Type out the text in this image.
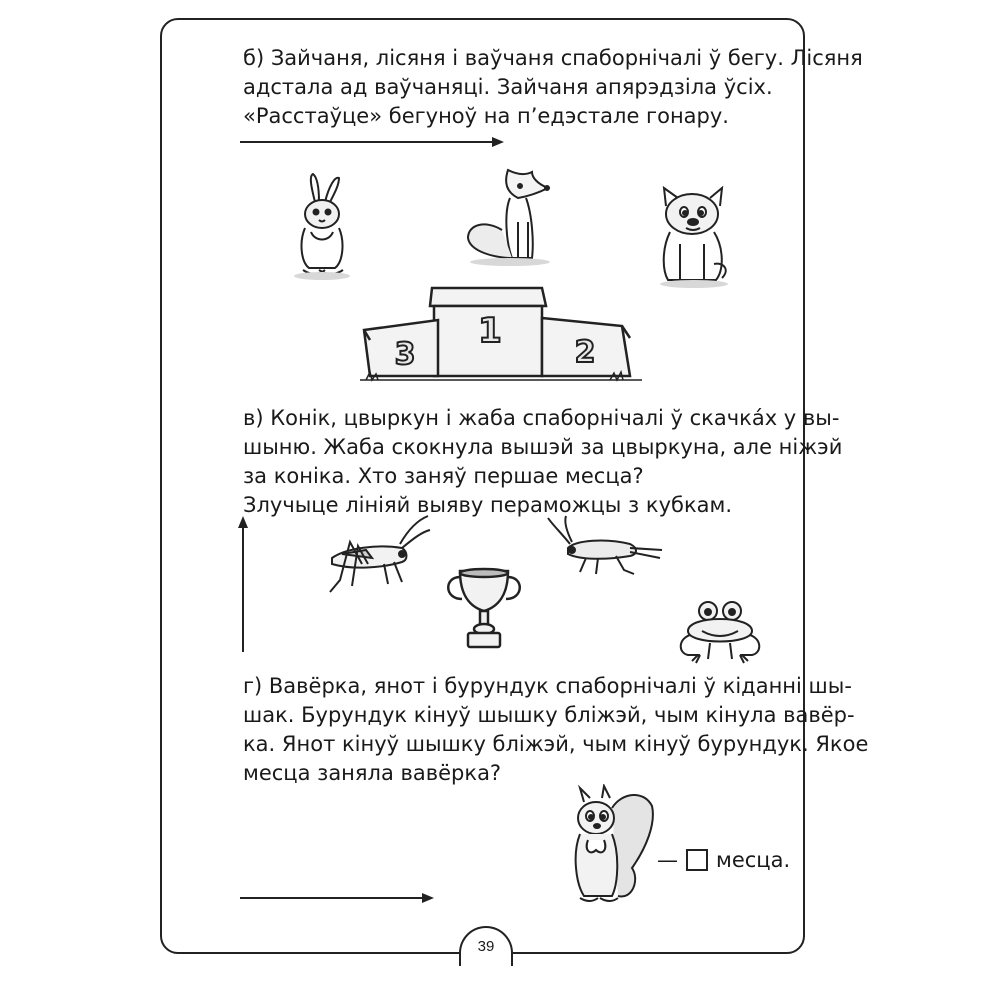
б) Зайчаня, лісяня і ваўчаня спаборнічалі ў бегу. Лісяня
адстала ад ваўчаняці. Зайчаня апярэдзіла ўсіх.
«Расстаўце» бегуноў на п’едэстале гонару.

1
2
3

в) Конік, цвыркун і жаба спаборнічалі ў скачка́х у вы-
шыню. Жаба скокнула вышэй за цвыркуна, але ніжэй
за коніка. Хто заняў першае месца?
Злучыце лініяй выяву пераможцы з кубкам.

г) Вавёрка, янот і бурундук спаборнічалі ў кіданні шы-
шак. Бурундук кінуў шышку бліжэй, чым кінула вавёр-
ка. Янот кінуў шышку бліжэй, чым кінуў бурундук. Якое
месца заняла вавёрка?

— месца.
39
